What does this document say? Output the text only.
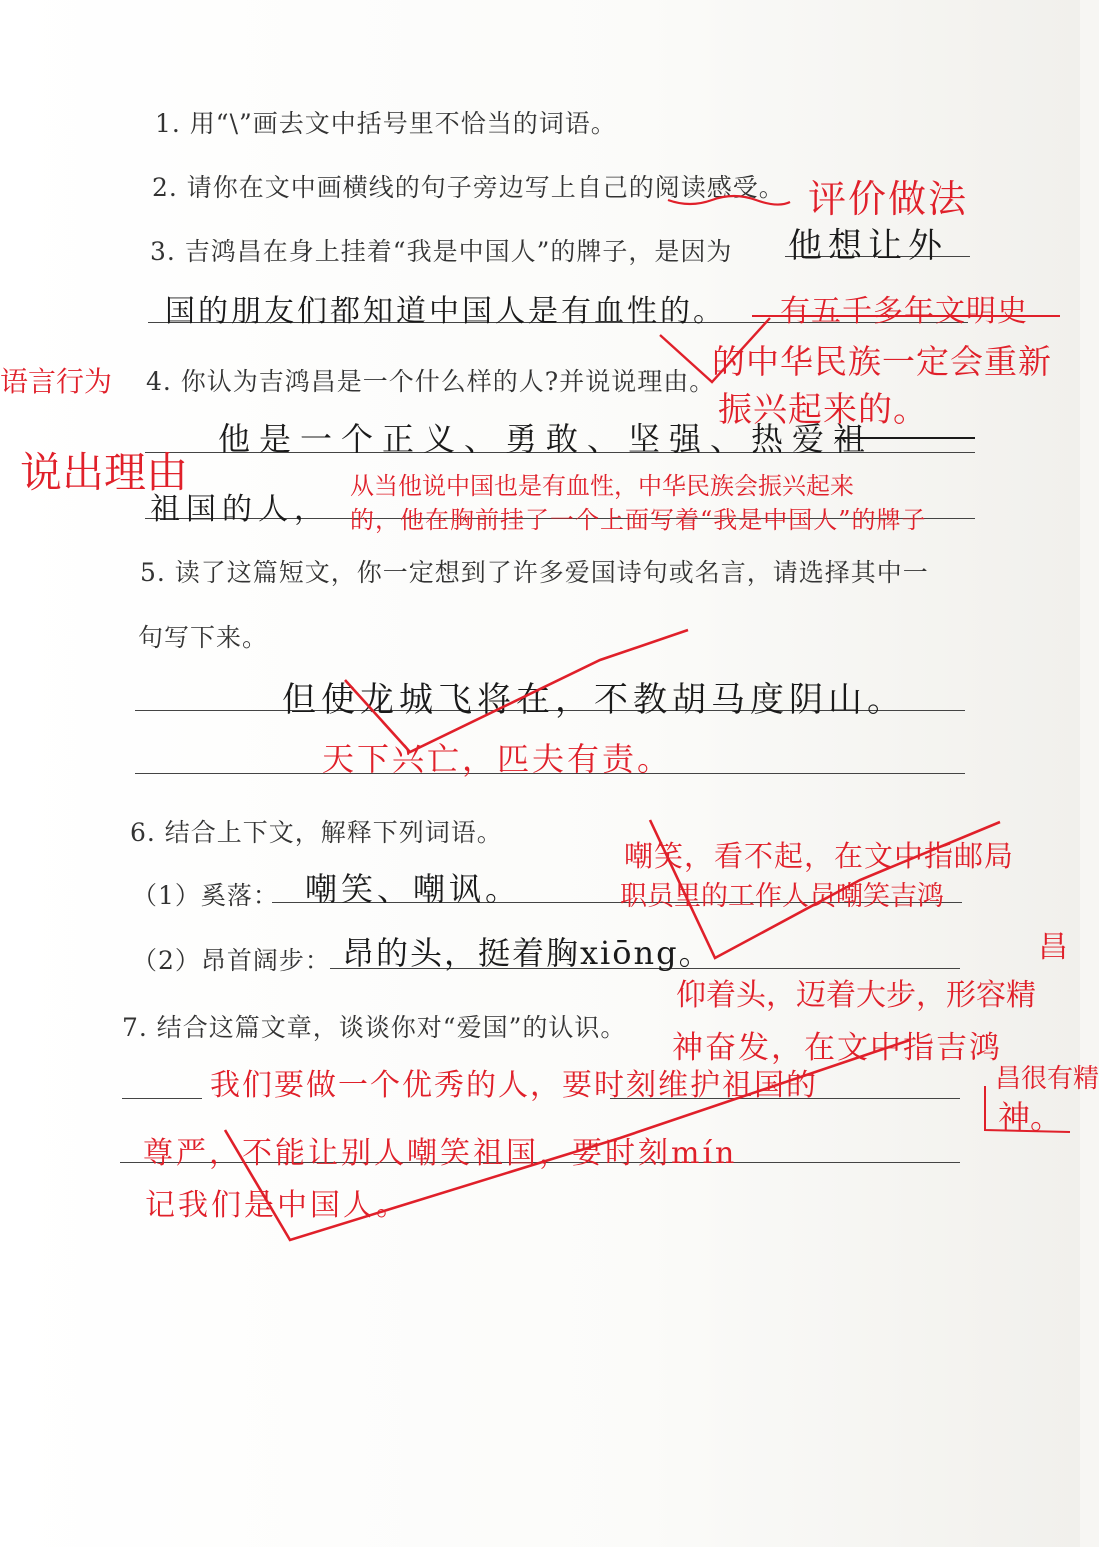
1. 用“\”画去文中括号里不恰当的词语。
2. 请你在文中画横线的句子旁边写上自己的阅读感受。
3. 吉鸿昌在身上挂着“我是中国人”的牌子，是因为
4. 你认为吉鸿昌是一个什么样的人?并说说理由。
5. 读了这篇短文，你一定想到了许多爱国诗句或名言，请选择其中一
句写下来。
6. 结合上下文，解释下列词语。
（1）奚落：
（2）昂首阔步：
7. 结合这篇文章，谈谈你对“爱国”的认识。
他想让外
国的朋友们都知道中国人是有血性的。
他是一个正义、勇敢、坚强、热爱祖
祖国的人，
但使龙城飞将在，不教胡马度阴山。
嘲笑、嘲讽。
昂的头，挺着胸xiōng。
我们要做一个优秀的人，要时刻维护祖国的
尊严，不能让别人嘲笑祖国，要时刻mín
记我们是中国人。
评价做法
有五千多年文明史
的中华民族一定会重新
振兴起来的。
语言行为
说出理由	从当他说中国也是有血性，中华民族会振兴起来
的，他在胸前挂了一个上面写着“我是中国人”的牌子
天下兴亡，匹夫有责。
嘲笑，看不起，在文中指邮局
职员里的工作人员嘲笑吉鸿
昌
仰着头，迈着大步，形容精
神奋发，在文中指吉鸿
昌很有精
神。
